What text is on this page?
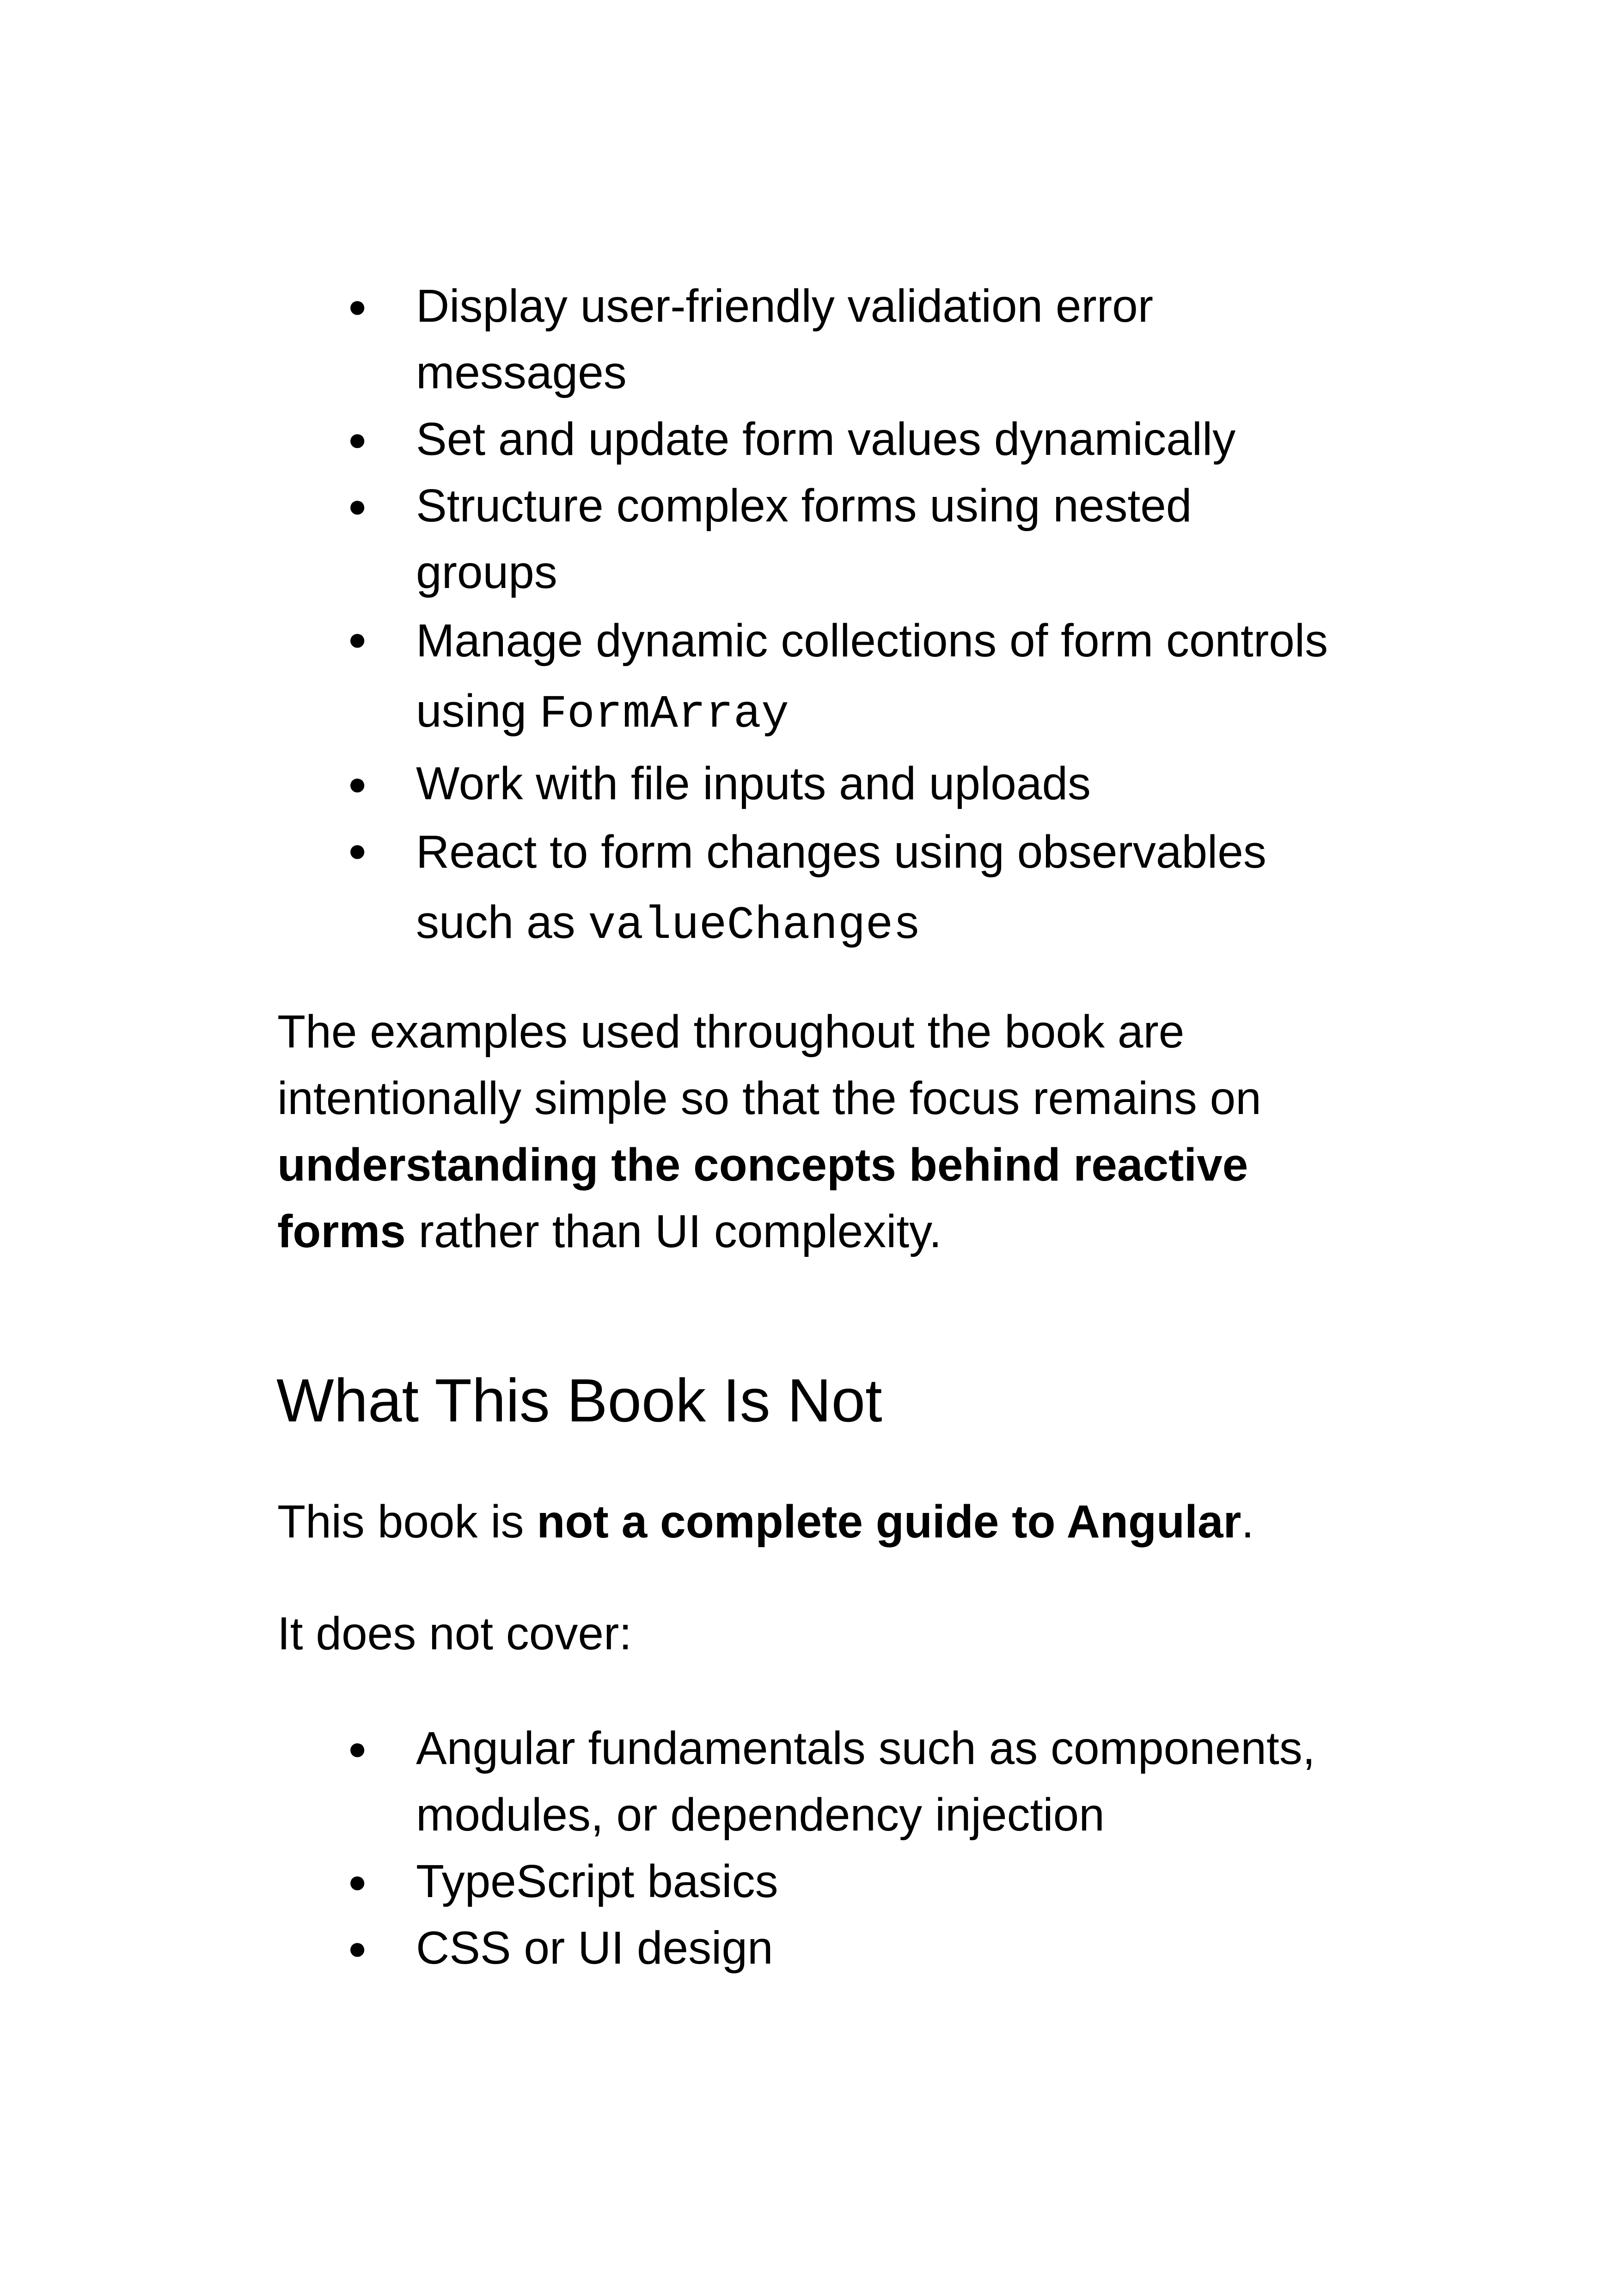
● Display user-friendly validation error messages
● Set and update form values dynamically
● Structure complex forms using nested groups
● Manage dynamic collections of form controls using FormArray
● Work with file inputs and uploads
● React to form changes using observables such as valueChanges

The examples used throughout the book are intentionally simple so that the focus remains on understanding the concepts behind reactive forms rather than UI complexity.

What This Book Is Not

This book is not a complete guide to Angular.

It does not cover:

● Angular fundamentals such as components, modules, or dependency injection
● TypeScript basics
● CSS or UI design
